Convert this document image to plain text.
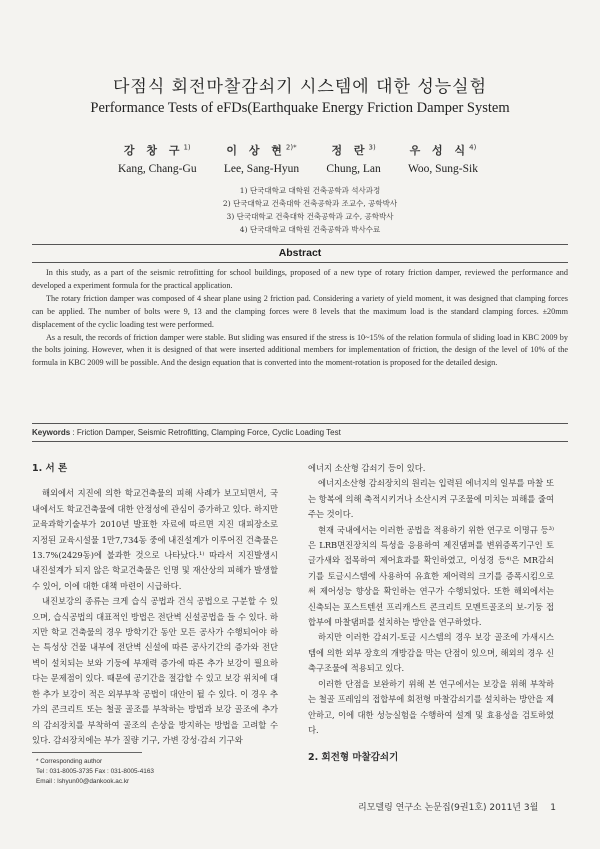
다점식 회전마찰감쇠기 시스템에 대한 성능실험
Performance Tests of eFDs(Earthquake Energy Friction Damper System
강 창 구$^{1)}$
Kang, Chang-Gu
이 상 현$^{2)*}$
Lee, Sang-Hyun
정 란$^{3)}$
Chung, Lan
우 성 식$^{4)}$
Woo, Sung-Sik
1) 단국대학교 대학원 건축공학과 석사과정
2) 단국대학교 건축대학 건축공학과 조교수, 공학박사
3) 단국대학교 건축대학 건축공학과 교수, 공학박사
4) 단국대학교 대학원 건축공학과 박사수료
Abstract

In this study, as a part of the seismic retrofitting for school buildings, proposed of a new type of rotary friction damper, reviewed the performance and developed a experiment formula for the practical application.

The rotary friction damper was composed of 4 shear plane using 2 friction pad. Considering a variety of yield moment, it was designed that clamping forces can be applied. The number of bolts were 9, 13 and the clamping forces were 8 levels that the maximum load is the standard clamping forces. ±20mm displacement of the cyclic loading test were performed.

As a result, the records of friction damper were stable. But sliding was ensured if the stress is 10~15% of the relation formula of sliding load in KBC 2009 by the bolts joining. However, when it is designed of that were inserted additional members for implementation of friction, the design of the level of 10% of the formula in KBC 2009 will be possible. And the design equation that is converted into the moment-rotation is proposed for the detailed design.

Keywords : Friction Damper, Seismic Retrofitting, Clamping Force, Cyclic Loading Test
1. 서 론

해외에서 지진에 의한 학교건축물의 피해 사례가 보고되면서, 국내에서도 학교건축물에 대한 안정성에 관심이 증가하고 있다. 하지만 교육과학기술부가 2010년 발표한 자료에 따르면 지진 대피장소로 지정된 교육시설물 1만7,734동 중에 내진설계가 이루어진 건축물은 13.7%(2429동)에 불과한 것으로 나타났다.¹⁾ 따라서 지진발생시 내진설계가 되지 않은 학교건축물은 인명 및 재산상의 피해가 발생할 수 있어, 이에 대한 대책 마련이 시급하다.

내진보강의 종류는 크게 습식 공법과 건식 공법으로 구분할 수 있으며, 습식공법의 대표적인 방법은 전단벽 신설공법을 들 수 있다. 하지만 학교 건축물의 경우 방학기간 동안 모든 공사가 수행되어야 하는 특성상 건물 내부에 전단벽 신설에 따른 공사기간의 증가와 전단벽이 설치되는 보와 기둥에 부재력 증가에 따른 추가 보강이 필요하다는 문제점이 있다. 때문에 공기간을 절감할 수 있고 보강 위치에 대한 추가 보강이 적은 외부부착 공법이 대안이 될 수 있다. 이 경우 추가의 콘크리트 또는 철골 골조를 부착하는 방법과 보강 골조에 추가의 감쇠장치를 부착하여 골조의 손상을 방지하는 방법을 고려할 수 있다. 감쇠장치에는 부가 질량 기구, 가변 강성·감쇠 기구와

에너지 소산형 감쇠기 등이 있다.

에너지소산형 감쇠장치의 원리는 입력된 에너지의 일부를 마찰 또는 항복에 의해 축적시키거나 소산시켜 구조물에 미치는 피해를 줄여주는 것이다.

현재 국내에서는 이러한 공법을 적용하기 위한 연구로 이명규 등³⁾은 LRB면진장치의 특성을 응용하여 제진댐퍼를 변위증폭기구인 토글가새와 접목하여 제어효과를 확인하였고, 이성경 등⁴⁾은 MR감쇠기를 토글시스템에 사용하여 유효한 제어력의 크기를 증폭시킴으로써 제어성능 향상을 확인하는 연구가 수행되었다. 또한 해외에서는 신축되는 포스트텐션 프리캐스트 콘크리트 모멘트골조의 보-기둥 접합부에 마찰댐퍼를 설치하는 방안을 연구하였다.

하지만 이러한 감쇠기-토글 시스템의 경우 보강 골조에 가새시스템에 의한 외부 장호의 개방감을 막는 단점이 있으며, 해외의 경우 신축구조물에 적용되고 있다.

이러한 단점을 보완하기 위해 본 연구에서는 보강을 위해 부착하는 철골 프레임의 접합부에 회전형 마찰감쇠기를 설치하는 방안을 제안하고, 이에 대한 성능실험을 수행하여 설계 및 효용성을 검토하였다.

2. 회전형 마찰감쇠기
* Corresponding author
Tel : 031-8005-3735 Fax : 031-8005-4163
Email : lshyun00@dankook.ac.kr
리모델링 연구소 논문집(9권1호) 2011년 3월 1
